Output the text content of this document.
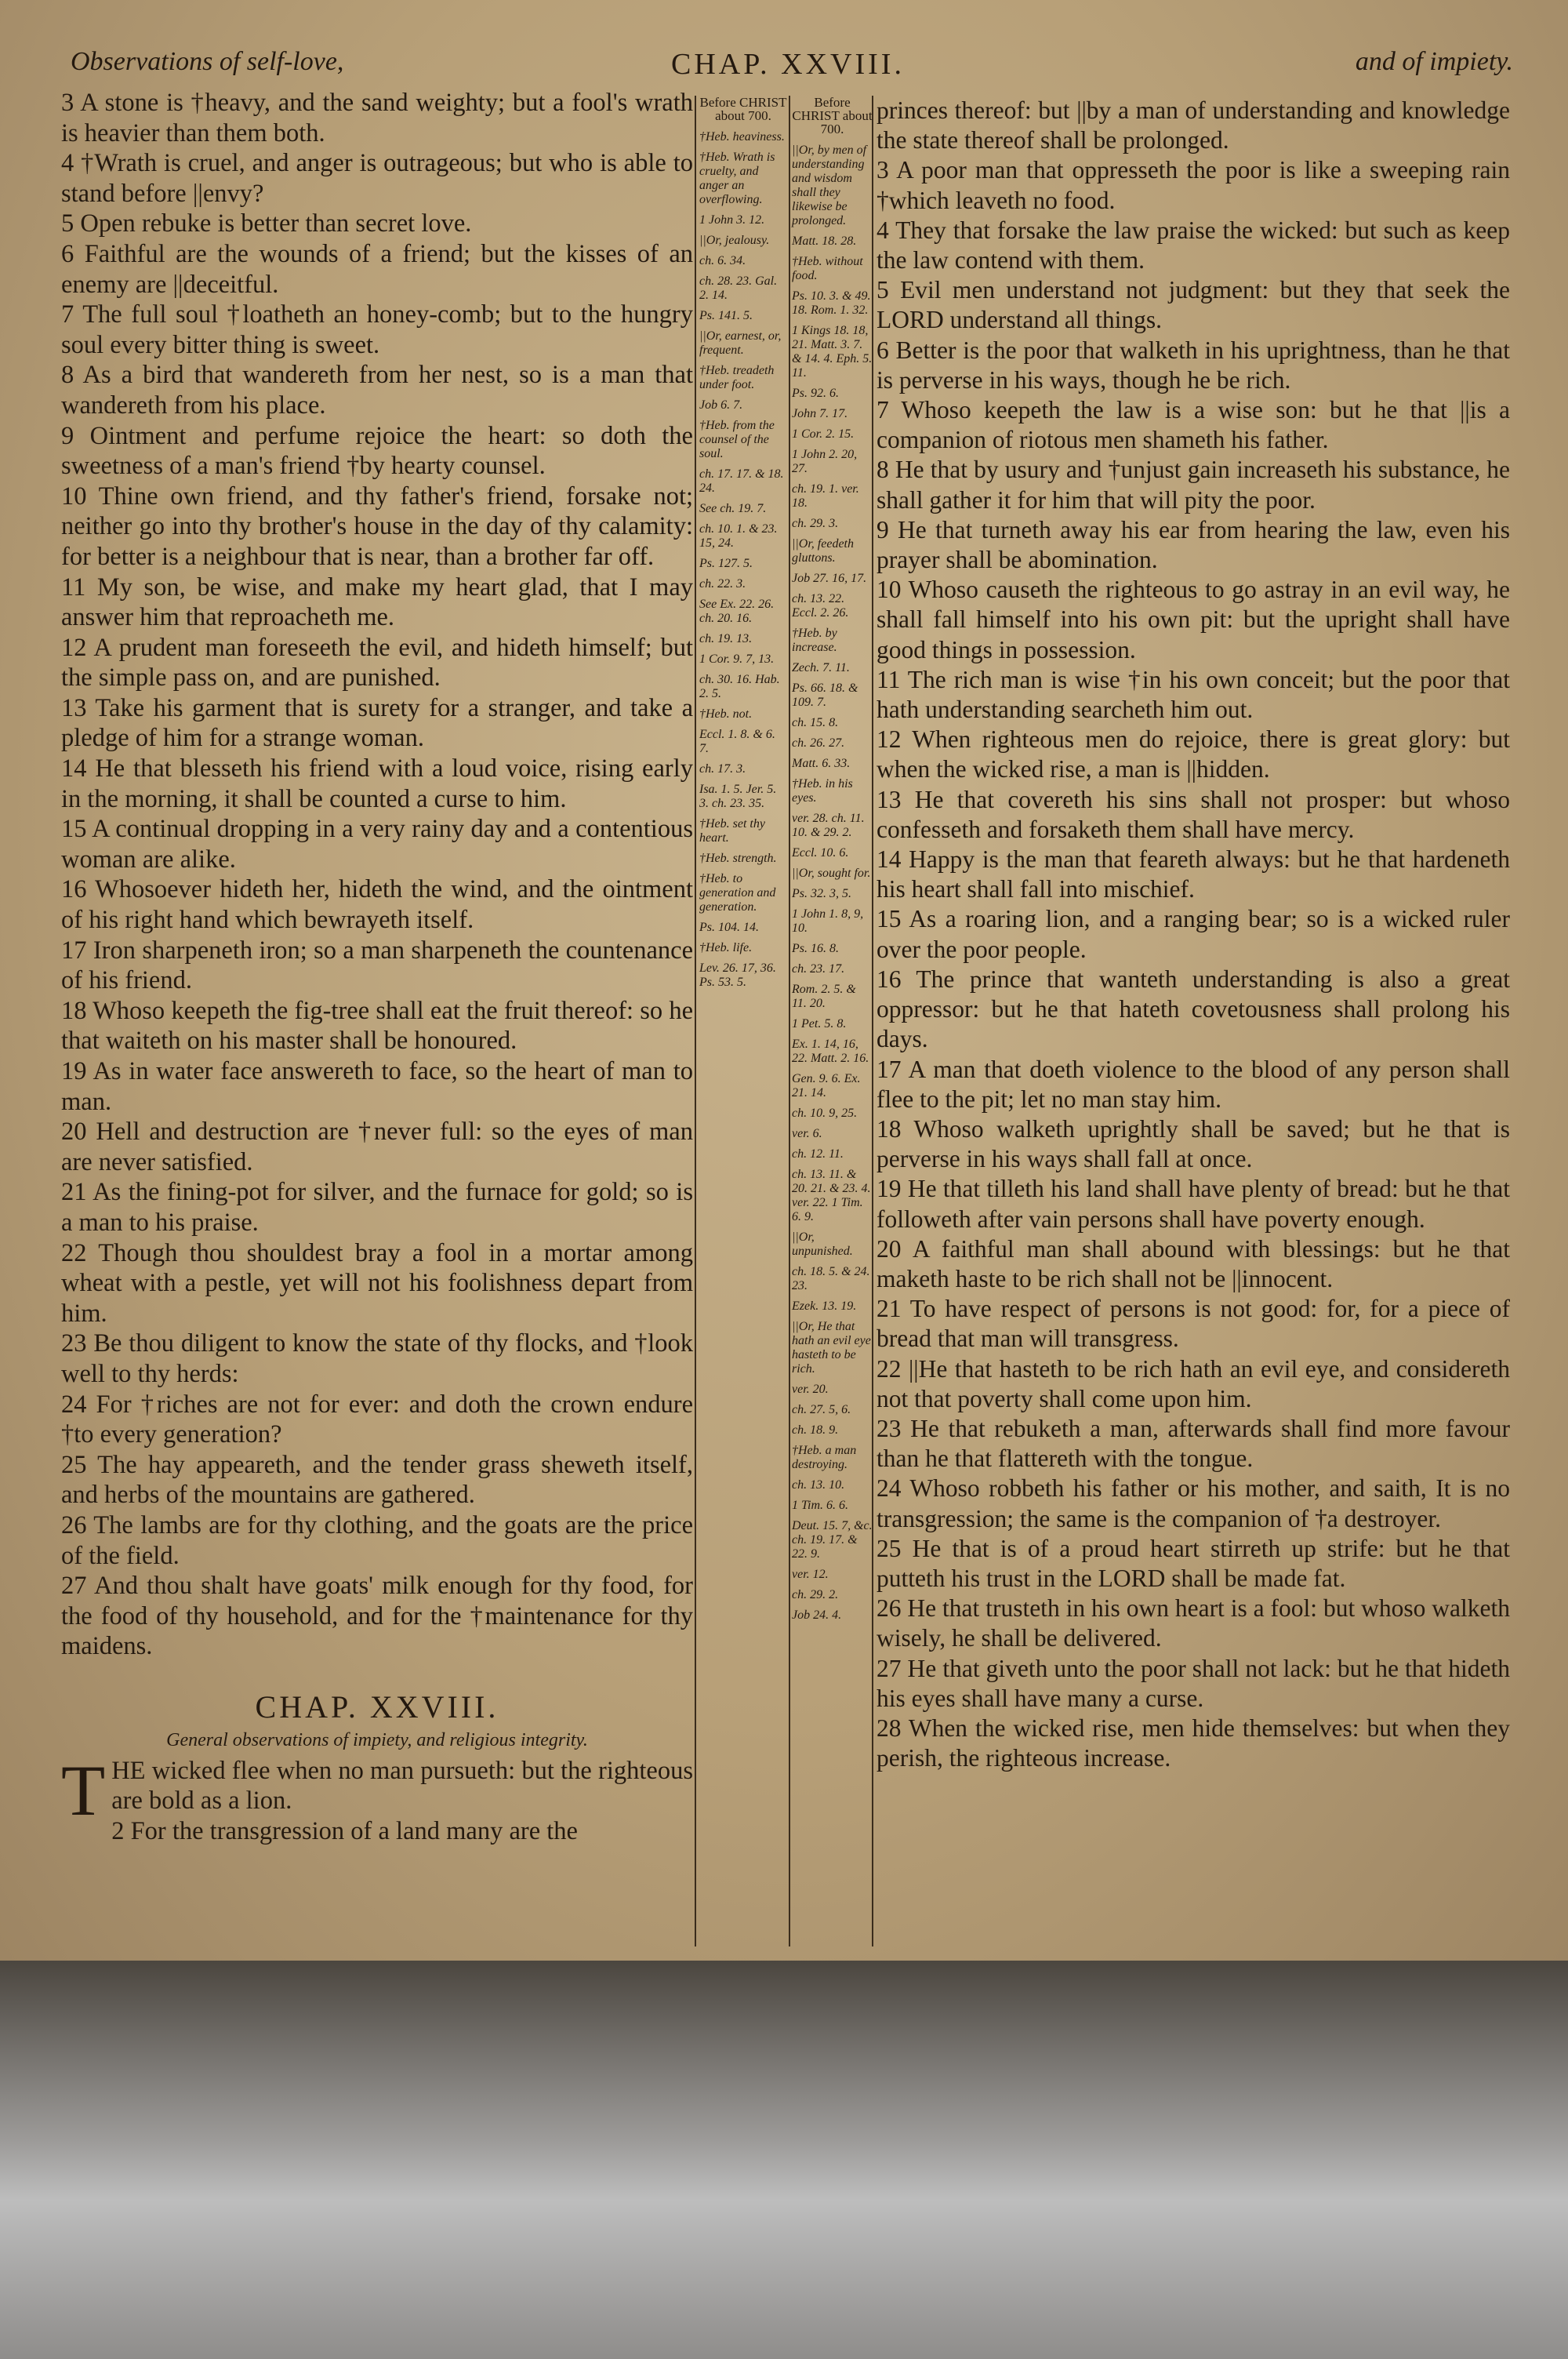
Observations of self-love,	CHAP. XXVIII.	and of impiety.

3 A stone is †heavy, and the sand weighty; but a fool's wrath is heavier than them both.

4 †Wrath is cruel, and anger is outrageous; but who is able to stand before ||envy?

5 Open rebuke is better than secret love.

6 Faithful are the wounds of a friend; but the kisses of an enemy are ||deceitful.

7 The full soul †loatheth an honey-comb; but to the hungry soul every bitter thing is sweet.

8 As a bird that wandereth from her nest, so is a man that wandereth from his place.

9 Ointment and perfume rejoice the heart: so doth the sweetness of a man's friend †by hearty counsel.

10 Thine own friend, and thy father's friend, forsake not; neither go into thy brother's house in the day of thy calamity: for better is a neighbour that is near, than a brother far off.

11 My son, be wise, and make my heart glad, that I may answer him that reproacheth me.

12 A prudent man foreseeth the evil, and hideth himself; but the simple pass on, and are punished.

13 Take his garment that is surety for a stranger, and take a pledge of him for a strange woman.

14 He that blesseth his friend with a loud voice, rising early in the morning, it shall be counted a curse to him.

15 A continual dropping in a very rainy day and a contentious woman are alike.

16 Whosoever hideth her, hideth the wind, and the ointment of his right hand which bewrayeth itself.

17 Iron sharpeneth iron; so a man sharpeneth the countenance of his friend.

18 Whoso keepeth the fig-tree shall eat the fruit thereof: so he that waiteth on his master shall be honoured.

19 As in water face answereth to face, so the heart of man to man.

20 Hell and destruction are †never full: so the eyes of man are never satisfied.

21 As the fining-pot for silver, and the furnace for gold; so is a man to his praise.

22 Though thou shouldest bray a fool in a mortar among wheat with a pestle, yet will not his foolishness depart from him.

23 Be thou diligent to know the state of thy flocks, and †look well to thy herds:

24 For †riches are not for ever: and doth the crown endure †to every generation?

25 The hay appeareth, and the tender grass sheweth itself, and herbs of the mountains are gathered.

26 The lambs are for thy clothing, and the goats are the price of the field.

27 And thou shalt have goats' milk enough for thy food, for the food of thy household, and for the †maintenance for thy maidens.

CHAP. XXVIII.
General observations of impiety, and religious integrity.

THE wicked flee when no man pursueth: but the righteous are bold as a lion.

2 For the transgression of a land many are the

Before CHRIST about 700.

†Heb. heaviness.

†Heb. Wrath is cruelty, and anger an overflowing.

1 John 3. 12.

||Or, jealousy.

ch. 6. 34.

ch. 28. 23. Gal. 2. 14.

Ps. 141. 5.

||Or, earnest, or, frequent.

†Heb. treadeth under foot.

Job 6. 7.

†Heb. from the counsel of the soul.

ch. 17. 17. & 18. 24.

See ch. 19. 7.

ch. 10. 1. & 23. 15, 24.

Ps. 127. 5.

ch. 22. 3.

See Ex. 22. 26. ch. 20. 16.

ch. 19. 13.

1 Cor. 9. 7, 13.

ch. 30. 16. Hab. 2. 5.

†Heb. not.

Eccl. 1. 8. & 6. 7.

ch. 17. 3.

Isa. 1. 5. Jer. 5. 3. ch. 23. 35.

†Heb. set thy heart.

†Heb. strength.

†Heb. to generation and generation.

Ps. 104. 14.

†Heb. life.

Lev. 26. 17, 36. Ps. 53. 5.

Before CHRIST about 700.

||Or, by men of understanding and wisdom shall they likewise be prolonged.

Matt. 18. 28.

†Heb. without food.

Ps. 10. 3. & 49. 18. Rom. 1. 32.

1 Kings 18. 18, 21. Matt. 3. 7. & 14. 4. Eph. 5. 11.

Ps. 92. 6.

John 7. 17.

1 Cor. 2. 15.

1 John 2. 20, 27.

ch. 19. 1. ver. 18.

ch. 29. 3.

||Or, feedeth gluttons.

Job 27. 16, 17.

ch. 13. 22. Eccl. 2. 26.

†Heb. by increase.

Zech. 7. 11.

Ps. 66. 18. & 109. 7.

ch. 15. 8.

ch. 26. 27.

Matt. 6. 33.

†Heb. in his eyes.

ver. 28. ch. 11. 10. & 29. 2.

Eccl. 10. 6.

||Or, sought for.

Ps. 32. 3, 5.

1 John 1. 8, 9, 10.

Ps. 16. 8.

ch. 23. 17.

Rom. 2. 5. & 11. 20.

1 Pet. 5. 8.

Ex. 1. 14, 16, 22. Matt. 2. 16.

Gen. 9. 6. Ex. 21. 14.

ch. 10. 9, 25.

ver. 6.

ch. 12. 11.

ch. 13. 11. & 20. 21. & 23. 4. ver. 22. 1 Tim. 6. 9.

||Or, unpunished.

ch. 18. 5. & 24. 23.

Ezek. 13. 19.

||Or, He that hath an evil eye hasteth to be rich.

ver. 20.

ch. 27. 5, 6.

ch. 18. 9.

†Heb. a man destroying.

ch. 13. 10.

1 Tim. 6. 6.

Deut. 15. 7, &c. ch. 19. 17. & 22. 9.

ver. 12.

ch. 29. 2.

Job 24. 4.

princes thereof: but ||by a man of understanding and knowledge the state thereof shall be prolonged.

3 A poor man that oppresseth the poor is like a sweeping rain †which leaveth no food.

4 They that forsake the law praise the wicked: but such as keep the law contend with them.

5 Evil men understand not judgment: but they that seek the LORD understand all things.

6 Better is the poor that walketh in his uprightness, than he that is perverse in his ways, though he be rich.

7 Whoso keepeth the law is a wise son: but he that ||is a companion of riotous men shameth his father.

8 He that by usury and †unjust gain increaseth his substance, he shall gather it for him that will pity the poor.

9 He that turneth away his ear from hearing the law, even his prayer shall be abomination.

10 Whoso causeth the righteous to go astray in an evil way, he shall fall himself into his own pit: but the upright shall have good things in possession.

11 The rich man is wise †in his own conceit; but the poor that hath understanding searcheth him out.

12 When righteous men do rejoice, there is great glory: but when the wicked rise, a man is ||hidden.

13 He that covereth his sins shall not prosper: but whoso confesseth and forsaketh them shall have mercy.

14 Happy is the man that feareth always: but he that hardeneth his heart shall fall into mischief.

15 As a roaring lion, and a ranging bear; so is a wicked ruler over the poor people.

16 The prince that wanteth understanding is also a great oppressor: but he that hateth covetousness shall prolong his days.

17 A man that doeth violence to the blood of any person shall flee to the pit; let no man stay him.

18 Whoso walketh uprightly shall be saved; but he that is perverse in his ways shall fall at once.

19 He that tilleth his land shall have plenty of bread: but he that followeth after vain persons shall have poverty enough.

20 A faithful man shall abound with blessings: but he that maketh haste to be rich shall not be ||innocent.

21 To have respect of persons is not good: for, for a piece of bread that man will transgress.

22 ||He that hasteth to be rich hath an evil eye, and considereth not that poverty shall come upon him.

23 He that rebuketh a man, afterwards shall find more favour than he that flattereth with the tongue.

24 Whoso robbeth his father or his mother, and saith, It is no transgression; the same is the companion of †a destroyer.

25 He that is of a proud heart stirreth up strife: but he that putteth his trust in the LORD shall be made fat.

26 He that trusteth in his own heart is a fool: but whoso walketh wisely, he shall be delivered.

27 He that giveth unto the poor shall not lack: but he that hideth his eyes shall have many a curse.

28 When the wicked rise, men hide themselves: but when they perish, the righteous increase.
